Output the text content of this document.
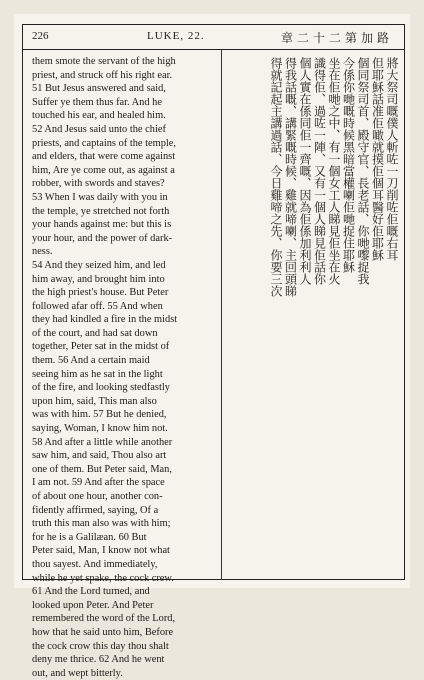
226	LUKE, 22.	章二十二第加路
them smote the servant of the high
priest, and struck off his right ear.
51 But Jesus answered and said,
Suffer ye them thus far. And he
touched his ear, and healed him.
52 And Jesus said unto the chief
priests, and captains of the temple,
and elders, that were come against
him, Are ye come out, as against a
robber, with swords and staves?
53 When I was daily with you in
the temple, ye stretched not forth
your hands against me: but this is
your hour, and the power of dark-
ness.
54 And they seized him, and led
him away, and brought him into
the high priest's house. But Peter
followed afar off. 55 And when
they had kindled a fire in the midst
of the court, and had sat down
together, Peter sat in the midst of
them. 56 And a certain maid
seeing him as he sat in the light
of the fire, and looking stedfastly
upon him, said, This man also
was with him. 57 But he denied,
saying, Woman, I know him not.
58 And after a little while another
saw him, and said, Thou also art
one of them. But Peter said, Man,
I am not. 59 And after the space
of about one hour, another con-
fidently affirmed, saying, Of a
truth this man also was with him;
for he is a Galilæan. 60 But
Peter said, Man, I know not what
thou sayest. And immediately,
while he yet spake, the cock crew.
61 And the Lord turned, and
looked upon Peter. And Peter
remembered the word of the Lord,
how that he said unto him, Before
the cock crow this day thou shalt
deny me thrice. 62 And he went
out, and wept bitterly.
將大祭司嘅僕人斬咗一刀削咗佢嘅右耳
但耶穌話准佢噉就摸佢個耳醫好佢耶穌
個同祭司首、殿守官、長老話、你哋嚟捉我
今係你哋嘅時候黑暗當權喇佢哋捉住耶穌
坐在佢哋之中、有一個女工人睇見佢坐在火
識得佢、過咗一陣、又有一個人睇見佢話你
個人實在係同佢一齊嘅、因為佢係加利利人
得我話嘅、講緊嘅時候、雞就啼喇、主回頭睇
得就記起主講過話、今日雞啼之先、你要三次
